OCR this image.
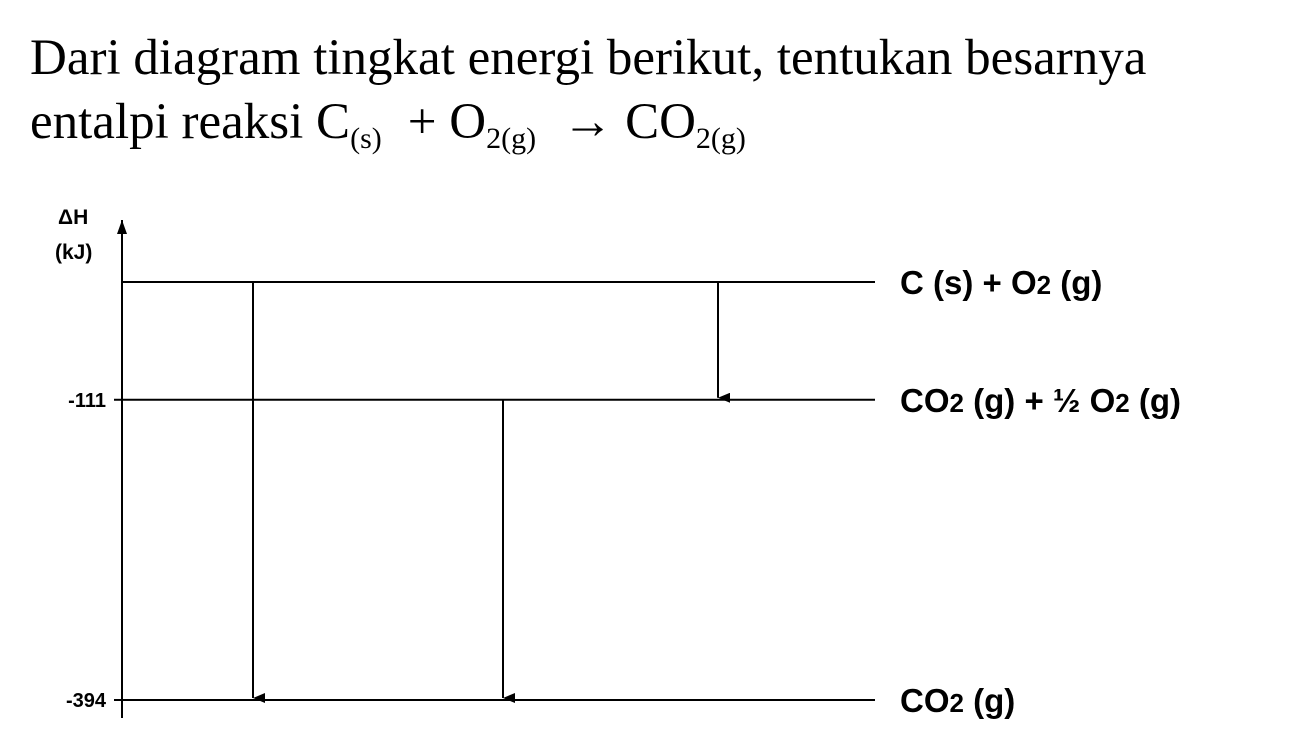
Dari diagram tingkat energi berikut, tentukan besarnya
entalpi reaksi $C_{(s)} + O_{2(g)} \to CO_{2(g)}$
ΔH
(kJ)
C (s) + O2 (g)
-111	CO2 (g) + ½ O2 (g)
-394	CO2 (g)
